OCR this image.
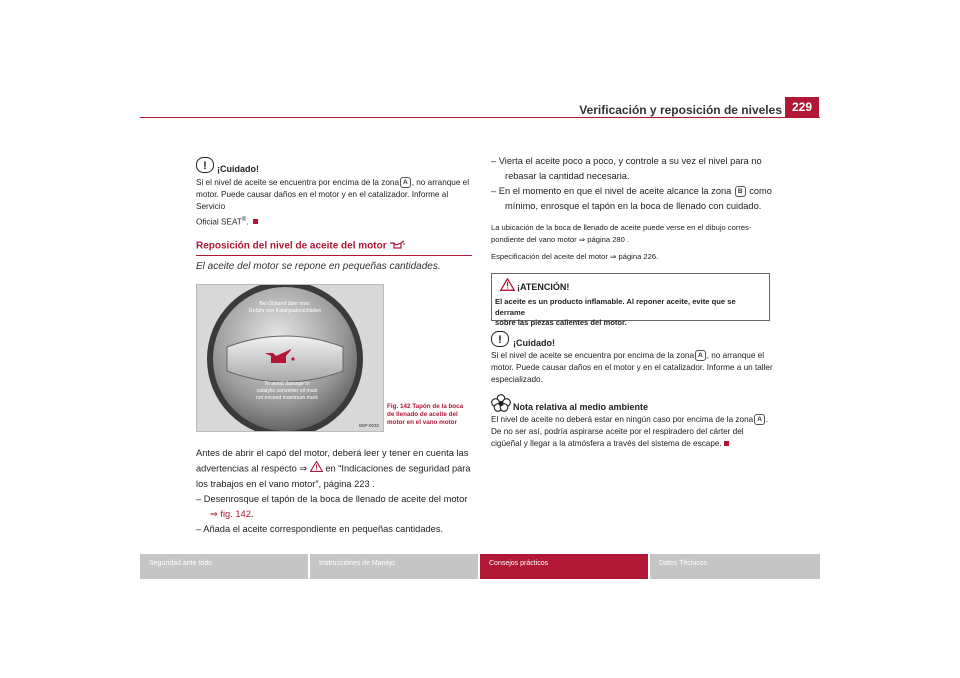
Verificación y reposición de niveles 229
! ¡Cuidado!
Si el nivel de aceite se encuentra por encima de la zona A , no arranque el
motor. Puede causar daños en el motor y en el catalizador. Informe al Servicio
Oficial SEAT®.
Reposición del nivel de aceite del motor
El aceite del motor se repone en pequeñas cantidades.
Bei Ölstand über max:
Gefahr von Katalysatorschäden
To avoid damage to
catalytic converter oil must
not exceed maximum mark
B5P-0032
Fig. 142 Tapón de la boca
de llenado de aceite del
motor en el vano motor
Antes de abrir el capó del motor, deberá leer y tener en cuenta las
advertencias al respecto ⇒ en “Indicaciones de seguridad para
los trabajos en el vano motor”, página 223 .
– Desenrosque el tapón de la boca de llenado de aceite del motor
⇒ fig. 142.
– Añada el aceite correspondiente en pequeñas cantidades.
– Vierta el aceite poco a poco, y controle a su vez el nivel para no
rebasar la cantidad necesaria.
– En el momento en que el nivel de aceite alcance la zona B como
mínimo, enrosque el tapón en la boca de llenado con cuidado.
La ubicación de la boca de llenado de aceite puede verse en el dibujo corres-
pondiente del vano motor ⇒ página 280 .
Especificación del aceite del motor ⇒ página 226.
¡ATENCIÓN!
El aceite es un producto inflamable. Al reponer aceite, evite que se derrame
sobre las piezas calientes del motor.
! ¡Cuidado!
Si el nivel de aceite se encuentra por encima de la zona A , no arranque el
motor. Puede causar daños en el motor y en el catalizador. Informe a un taller
especializado.
Nota relativa al medio ambiente
El nivel de aceite no deberá estar en ningún caso por encima de la zona A .
De no ser así, podría aspirarse aceite por el respiradero del cárter del
cigüeñal y llegar a la atmósfera a través del sistema de escape.
Seguridad ante todo	Instrucciones de Manejo	Consejos prácticos	Datos Técnicos
